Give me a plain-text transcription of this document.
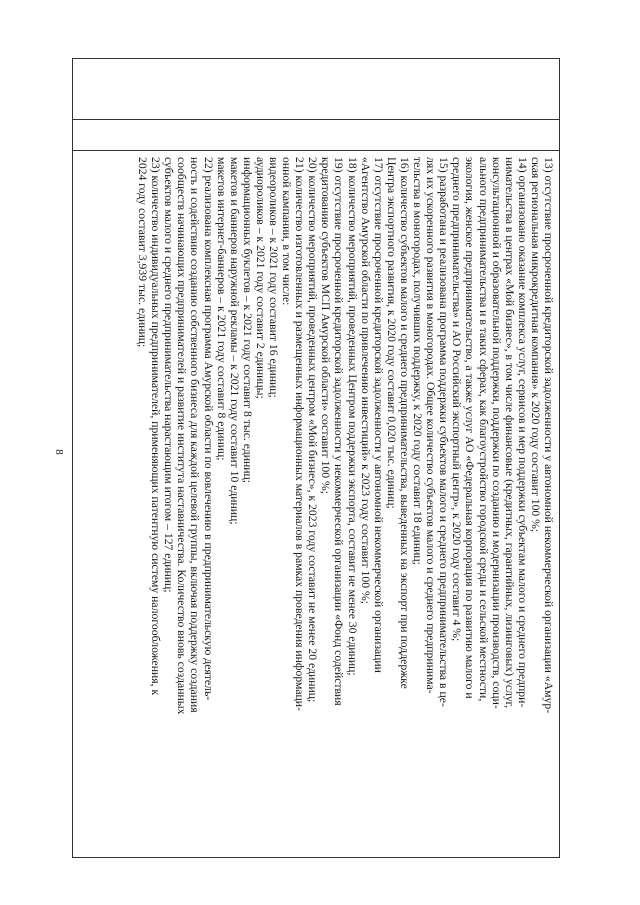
8	13) отсутствие просроченной кредиторской задолженности у автономной некоммерческой организации «Амур-
ская региональная микрокредитная компания» к 2020 году составит 100 %;
14) организовано оказание комплекса услуг, сервисов и мер поддержки субъектам малого и среднего предпри-
нимательства в центрах «Мой бизнес», в том числе финансовые (кредитных, гарантийных, лизинговых) услуг,
консультационной и образовательной поддержки, поддержки по созданию и модернизации производств, соци-
ального предпринимательства и в таких сферах, как благоустройство городской среды и сельской местности,
экология, женское предпринимательство, а также услуг АО «Федеральная корпорация по развитию малого и
среднего предпринимательства» и АО Российский экспортный центр», к 2020 году составит 4 %;
15) разработана и реализована программа поддержки субъектов малого и среднего предпринимательства в це-
лях их ускоренного развития в моногородах. Общее количество субъектов малого и среднего предпринима-
тельства в моногородах, получивших поддержку, к 2020 году составит 18 единиц;
16) количество субъектов малого и среднего предпринимательства, выведенных на экспорт при поддержке
Центра экспортного развития, к 2020 году составит 0,020 тыс. единиц;
17) отсутствие просроченной кредиторской задолженности у автономной некоммерческой организации
«Агентство Амурской области по привлечению инвестиций» к 2023 году составит 100 %;
18) количество мероприятий, проведенных Центром поддержки экспорта, составит не менее 30 единиц;
19) отсутствие просроченной кредиторской задолженности у некоммерческой организации «Фонд содействия
кредитованию субъектов МСП Амурской области» составит 100 %;
20) количество мероприятий, проведенных центром «Мой бизнес», к 2023 году составит не менее 20 единиц;
21) количество изготовленных и размещенных информационных материалов в рамках проведения информаци-
онной кампании, в том числе:
видеороликов – к 2021 году составит 16 единиц;
аудиороликов – к 2021 году составит 2 единицы;
информационных буклетов – к 2021 году составит 8 тыс. единиц;
макетов и баннеров наружной рекламы – к 2021 году составит 10 единиц;
макетов интернет-баннеров – к 2021 году составит 8 единиц;
22) реализована комплексная программа Амурской области по вовлечению в предпринимательскую деятель-
ность и содействию созданию собственного бизнеса для каждой целевой группы, включая поддержку создания
сообществ начинающих предпринимателей и развитие института наставничества. Количество вновь созданных
субъектов малого и среднего предпринимательства нарастающим итогом – 127 единиц;
23) количество индивидуальных предпринимателей, применяющих патентную систему налогообложения, к
2024 году составит 3,939 тыс. единиц;
